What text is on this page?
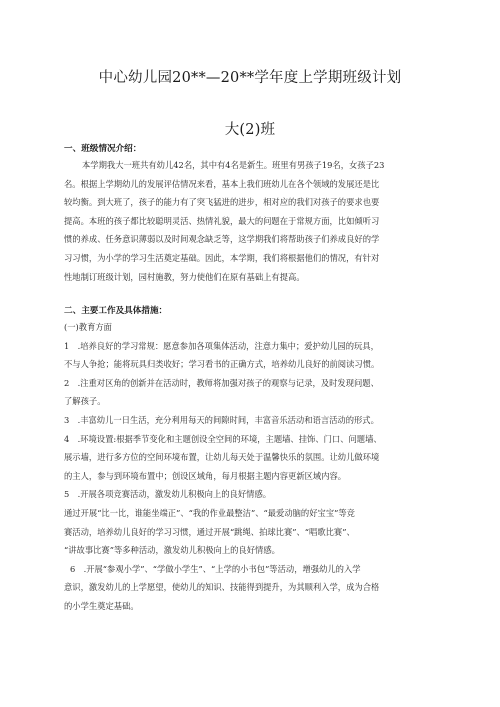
中心幼儿园20**—20**学年度上学期班级计划
大(2)班
一、班级情况介绍：
本学期我大一班共有幼儿42名，其中有4名是新生。班里有男孩子19名，女孩子23
名。根据上学期幼儿的发展评估情况来看，基本上我们班幼儿在各个领域的发展还是比
较均衡。到大班了，孩子的能力有了突飞猛进的进步，相对应的我们对孩子的要求也要
提高。本班的孩子都比较聪明灵活、热情礼貌，最大的问题在于常规方面，比如倾听习
惯的养成、任务意识薄弱以及时间观念缺乏等，这学期我们将帮助孩子们养成良好的学
习习惯，为小学的学习生活奠定基础。因此，本学期，我们将根据他们的情况，有针对
性地制订班级计划，园村施教，努力使他们在原有基础上有提高。
二、主要工作及具体措施：
(一)教育方面
1　.培养良好的学习常规：愿意参加各项集体活动，注意力集中；爱护幼儿园的玩具，
不与人争抢；能将玩具归类收好；学习看书的正确方式，培养幼儿良好的前阅读习惯。
2　.注重对区角的创新并在活动时，教师将加强对孩子的观察与记录，及时发现问题、
了解孩子。
3　.丰富幼儿一日生活，充分利用每天的间隙时间，丰富音乐活动和语言活动的形式。
4　.环境设置:根据季节变化和主题创设全空间的环境，主题墙、挂饰、门口、问题墙、
展示墙，进行多方位的空间环境布置，让幼儿每天处于温馨快乐的氛围。让幼儿做环境
的主人，参与到环境布置中；创设区域角，每月根据主题内容更新区域内容。
5　.开展各项竞赛活动，激发幼儿积极向上的良好情感。
通过开展“比一比，谁能坐端正”、“我的作业最整洁”、“最爱动脑的好宝宝”等竞
赛活动，培养幼儿良好的学习习惯，通过开展“跳绳、拍球比赛”、“唱歌比赛”、
“讲故事比赛”等多种活动，激发幼儿积极向上的良好情感。
6　.开展“参观小学”、“学做小学生”、“上学的小书包”等活动，增强幼儿的入学
意识，激发幼儿的上学愿望，使幼儿的知识、技能得到提升，为其顺利入学，成为合格
的小学生奠定基础。
